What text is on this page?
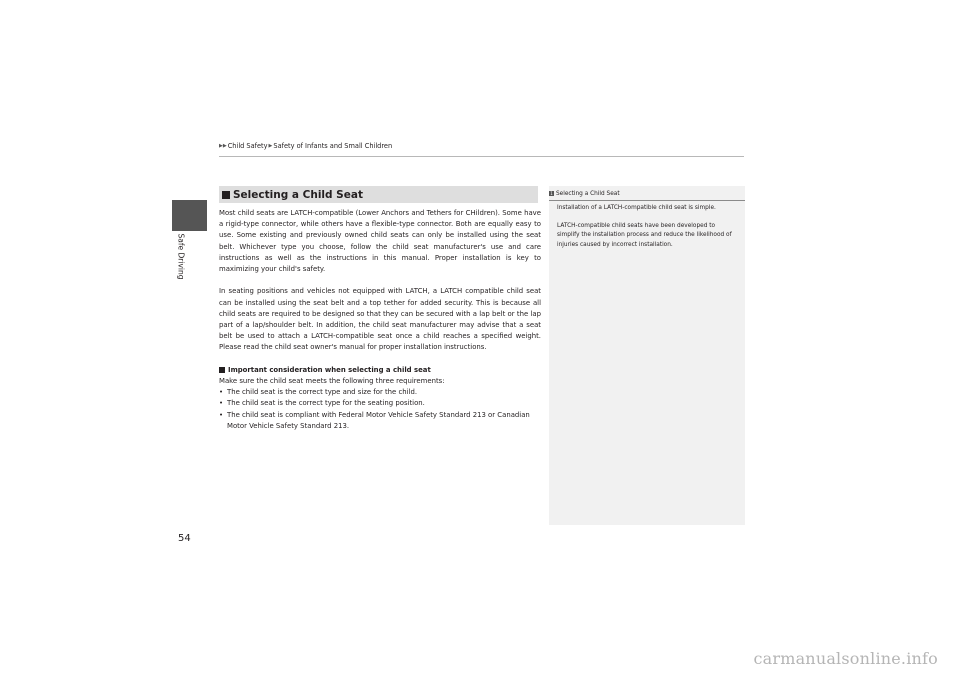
Safe Driving
▶▶ Child Safety ▶ Safety of Infants and Small Children
Selecting a Child Seat

Most child seats are LATCH-compatible (Lower Anchors and Tethers for CHildren). Some have a rigid-type connector, while others have a flexible-type connector. Both are equally easy to use. Some existing and previously owned child seats can only be installed using the seat belt. Whichever type you choose, follow the child seat manufacturer's use and care instructions as well as the instructions in this manual. Proper installation is key to maximizing your child's safety.

In seating positions and vehicles not equipped with LATCH, a LATCH compatible child seat can be installed using the seat belt and a top tether for added security. This is because all child seats are required to be designed so that they can be secured with a lap belt or the lap part of a lap/shoulder belt. In addition, the child seat manufacturer may advise that a seat belt be used to attach a LATCH-compatible seat once a child reaches a specified weight. Please read the child seat owner's manual for proper installation instructions.

Important consideration when selecting a child seat
Make sure the child seat meets the following three requirements:
• The child seat is the correct type and size for the child.
• The child seat is the correct type for the seating position.
• The child seat is compliant with Federal Motor Vehicle Safety Standard 213 or Canadian Motor Vehicle Safety Standard 213.
1 Selecting a Child Seat

Installation of a LATCH-compatible child seat is simple.

LATCH-compatible child seats have been developed to simplify the installation process and reduce the likelihood of injuries caused by incorrect installation.

54
carmanualsonline.info
